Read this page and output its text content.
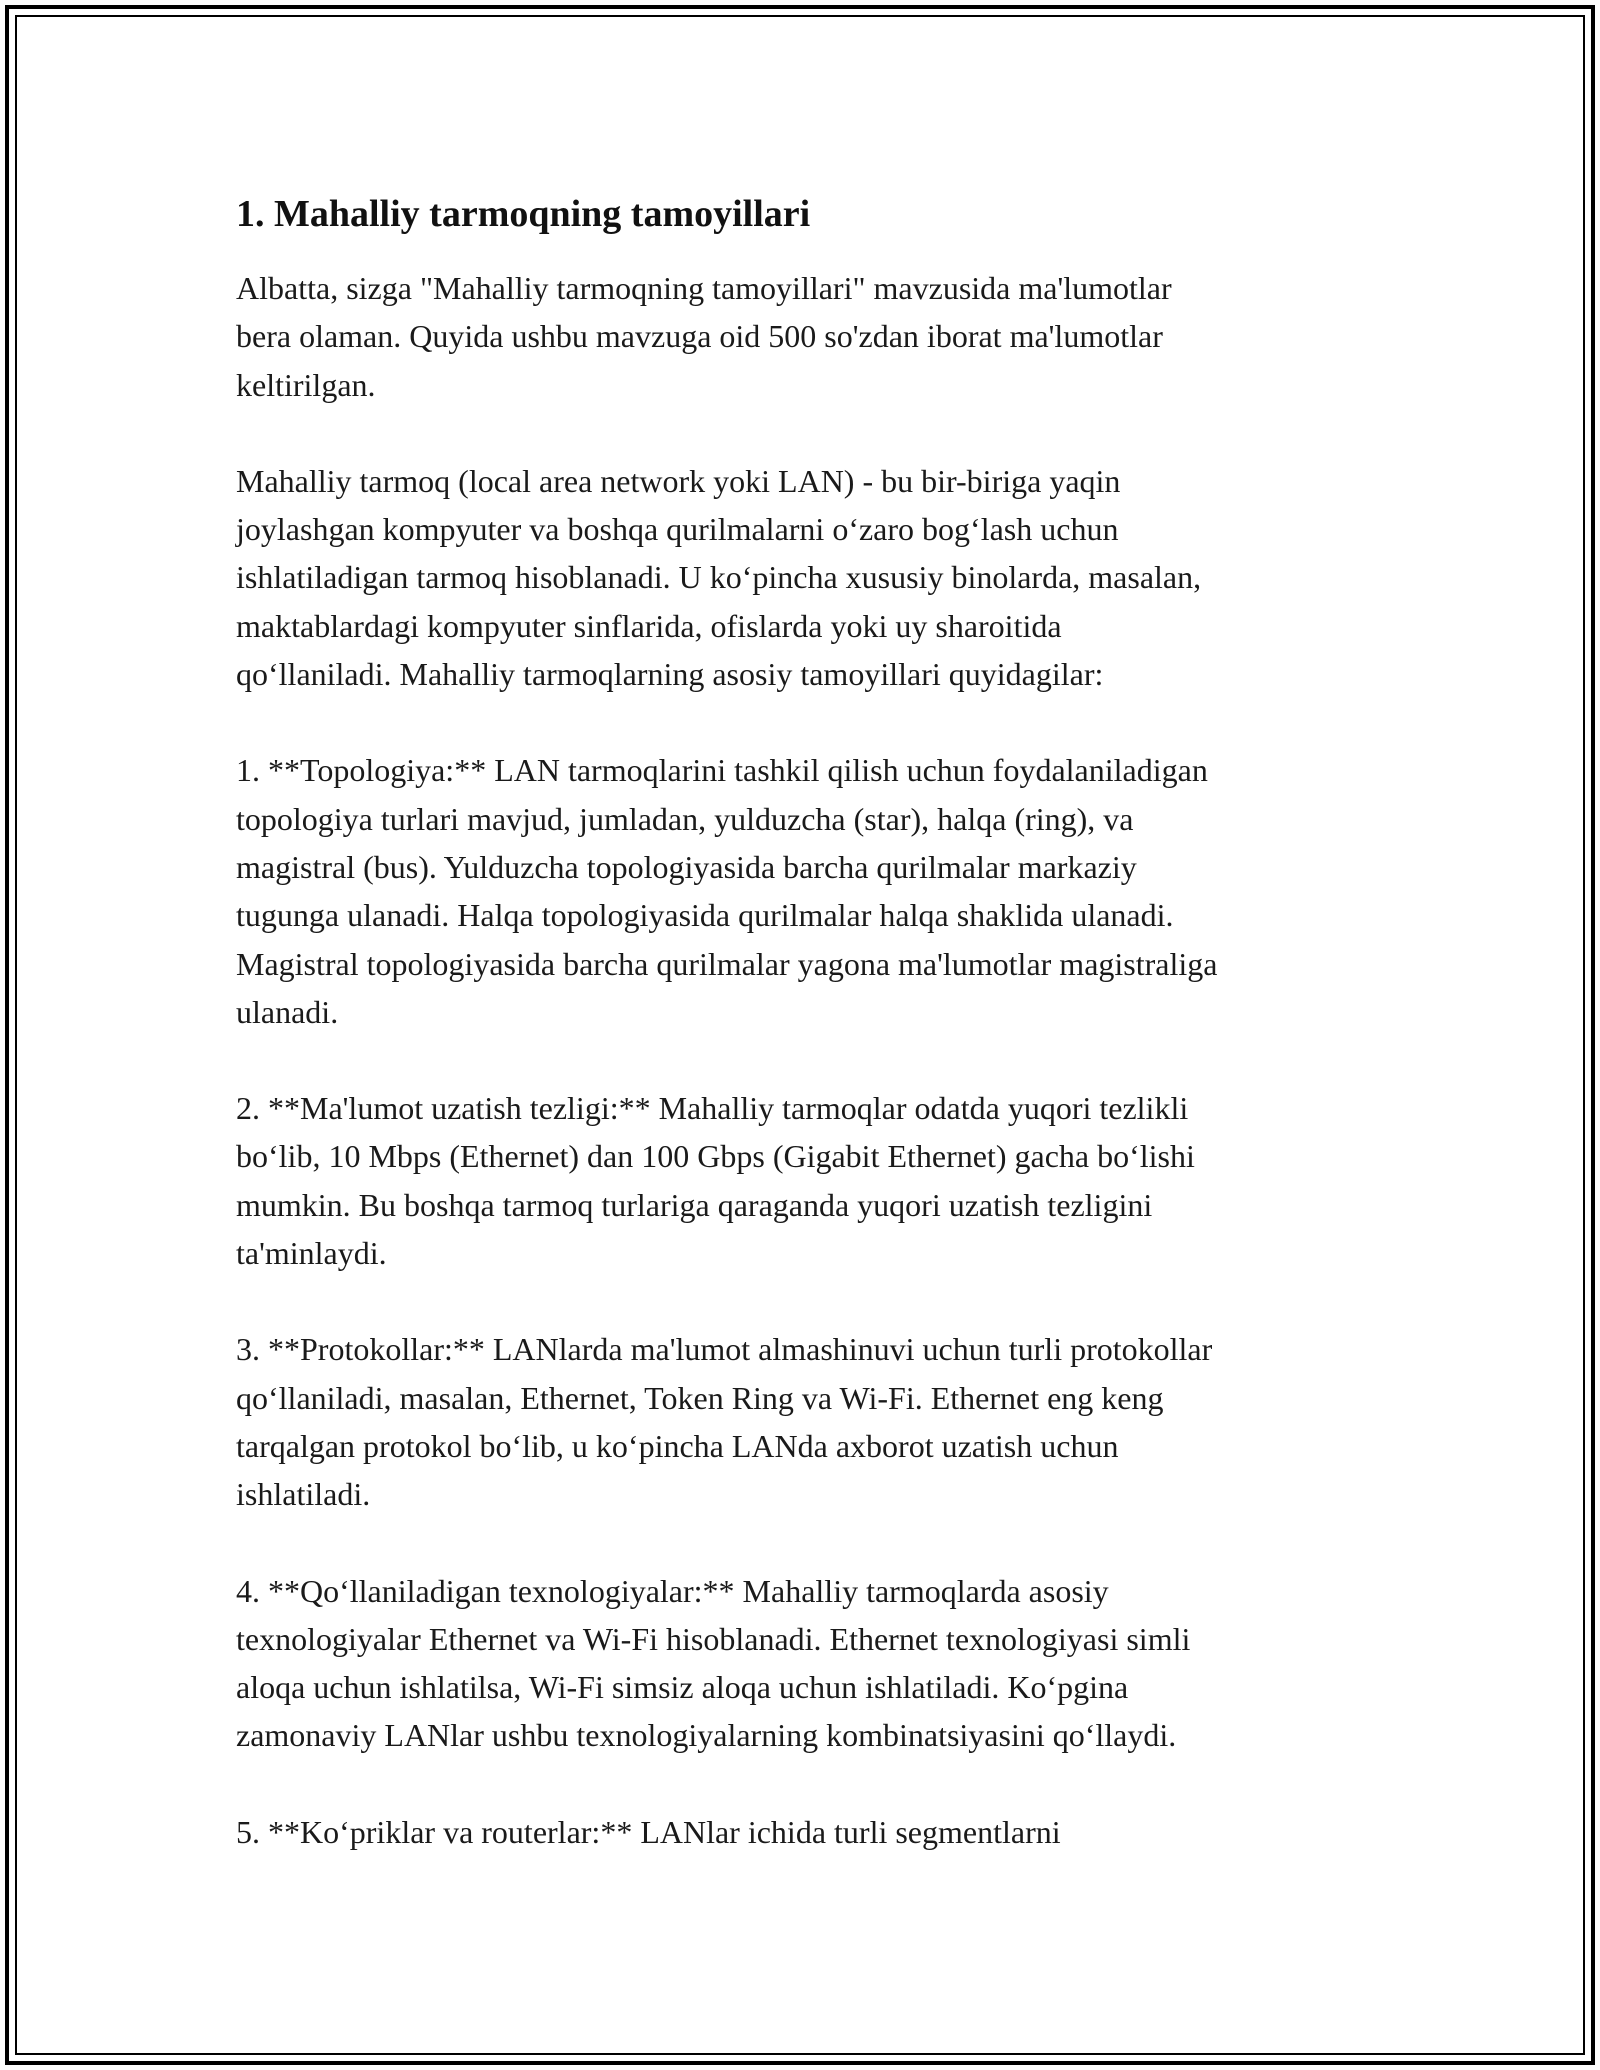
1. Mahalliy tarmoqning tamoyillari

Albatta, sizga "Mahalliy tarmoqning tamoyillari" mavzusida ma'lumotlar
bera olaman. Quyida ushbu mavzuga oid 500 so'zdan iborat ma'lumotlar
keltirilgan.

Mahalliy tarmoq (local area network yoki LAN) - bu bir-biriga yaqin
joylashgan kompyuter va boshqa qurilmalarni oʻzaro bogʻlash uchun
ishlatiladigan tarmoq hisoblanadi. U koʻpincha xususiy binolarda, masalan,
maktablardagi kompyuter sinflarida, ofislarda yoki uy sharoitida
qoʻllaniladi. Mahalliy tarmoqlarning asosiy tamoyillari quyidagilar:

1. **Topologiya:** LAN tarmoqlarini tashkil qilish uchun foydalaniladigan
topologiya turlari mavjud, jumladan, yulduzcha (star), halqa (ring), va
magistral (bus). Yulduzcha topologiyasida barcha qurilmalar markaziy
tugunga ulanadi. Halqa topologiyasida qurilmalar halqa shaklida ulanadi.
Magistral topologiyasida barcha qurilmalar yagona ma'lumotlar magistraliga
ulanadi.

2. **Ma'lumot uzatish tezligi:** Mahalliy tarmoqlar odatda yuqori tezlikli
boʻlib, 10 Mbps (Ethernet) dan 100 Gbps (Gigabit Ethernet) gacha boʻlishi
mumkin. Bu boshqa tarmoq turlariga qaraganda yuqori uzatish tezligini
ta'minlaydi.

3. **Protokollar:** LANlarda ma'lumot almashinuvi uchun turli protokollar
qoʻllaniladi, masalan, Ethernet, Token Ring va Wi-Fi. Ethernet eng keng
tarqalgan protokol boʻlib, u koʻpincha LANda axborot uzatish uchun
ishlatiladi.

4. **Qoʻllaniladigan texnologiyalar:** Mahalliy tarmoqlarda asosiy
texnologiyalar Ethernet va Wi-Fi hisoblanadi. Ethernet texnologiyasi simli
aloqa uchun ishlatilsa, Wi-Fi simsiz aloqa uchun ishlatiladi. Koʻpgina
zamonaviy LANlar ushbu texnologiyalarning kombinatsiyasini qoʻllaydi.

5. **Koʻpriklar va routerlar:** LANlar ichida turli segmentlarni
